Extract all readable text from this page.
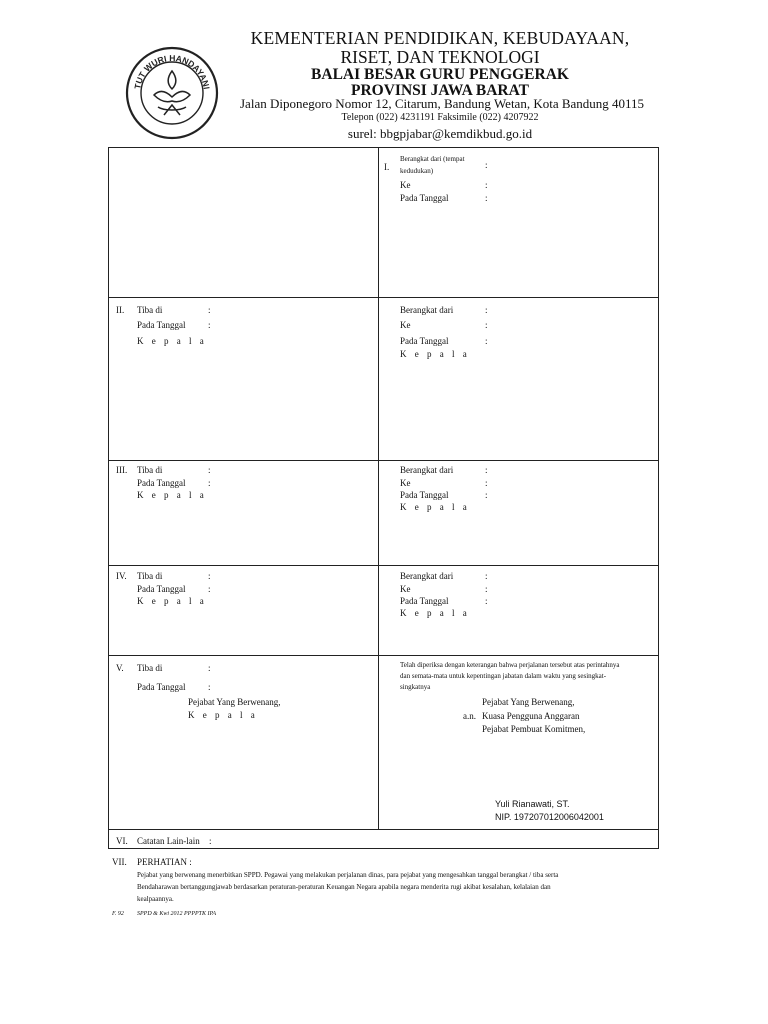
TUT WURI HANDAYANI
KEMENTERIAN PENDIDIKAN, KEBUDAYAAN,
RISET, DAN TEKNOLOGI
BALAI BESAR GURU PENGGERAK
PROVINSI JAWA BARAT
Jalan Diponegoro Nomor 12, Citarum, Bandung Wetan, Kota Bandung 40115
Telepon (022) 4231191 Faksimile (022) 4207922
surel: bbgpjabar@kemdikbud.go.id
I.
Berangkat dari (tempat
kedudukan)
:
Ke	:
Pada Tanggal	:
II. Tiba di	:
Pada Tanggal	:
K e p a l a
Berangkat dari	:
Ke	:
Pada Tanggal	:
K e p a l a
III. Tiba di	:
Pada Tanggal	:
K e p a l a
Berangkat dari	:
Ke	:
Pada Tanggal	:
K e p a l a
IV. Tiba di	:
Pada Tanggal	:
K e p a l a
Berangkat dari	:
Ke	:
Pada Tanggal	:
K e p a l a
V. Tiba di	:
Pada Tanggal	:
Pejabat Yang Berwenang,
K e p a l a
Telah diperiksa dengan keterangan bahwa perjalanan tersebut atas perintahnya
dan semata-mata untuk kepentingan jabatan dalam waktu yang sesingkat-
singkatnya
Pejabat Yang Berwenang,
a.n. Kuasa Pengguna Anggaran
Pejabat Pembuat Komitmen,
Yuli Rianawati, ST.
NIP. 197207012006042001
VI. Catatan Lain-lain :
VII. PERHATIAN :
Pejabat yang berwenang menerbitkan SPPD. Pegawai yang melakukan perjalanan dinas, para pejabat yang mengesahkan tanggal berangkat / tiba serta
Bendaharawan bertanggungjawab berdasarkan peraturan-peraturan Keuangan Negara apabila negara menderita rugi akibat kesalahan, kelalaian dan
kealpaannya.
F. 92 SPPD & Kwi 2012 PPPPTK IPA
